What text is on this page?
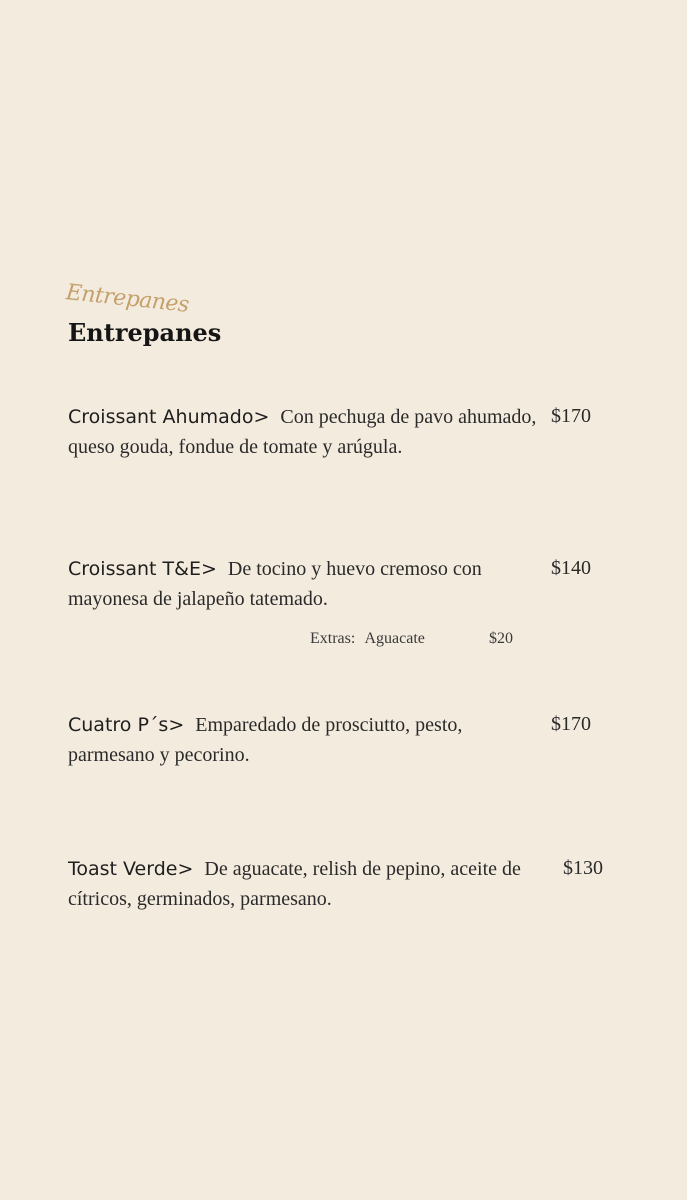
Entrepanes
Entrepanes
Croissant Ahumado> Con pechuga de pavo ahumado, queso gouda, fondue de tomate y arúgula.
$170
Croissant T&E> De tocino y huevo cremoso con mayonesa de jalapeño tatemado.
$140
Extras: Aguacate	$20
Cuatro P´s> Emparedado de prosciutto, pesto, parmesano y pecorino.
$170
Toast Verde> De aguacate, relish de pepino, aceite de cítricos, germinados, parmesano.
$130
